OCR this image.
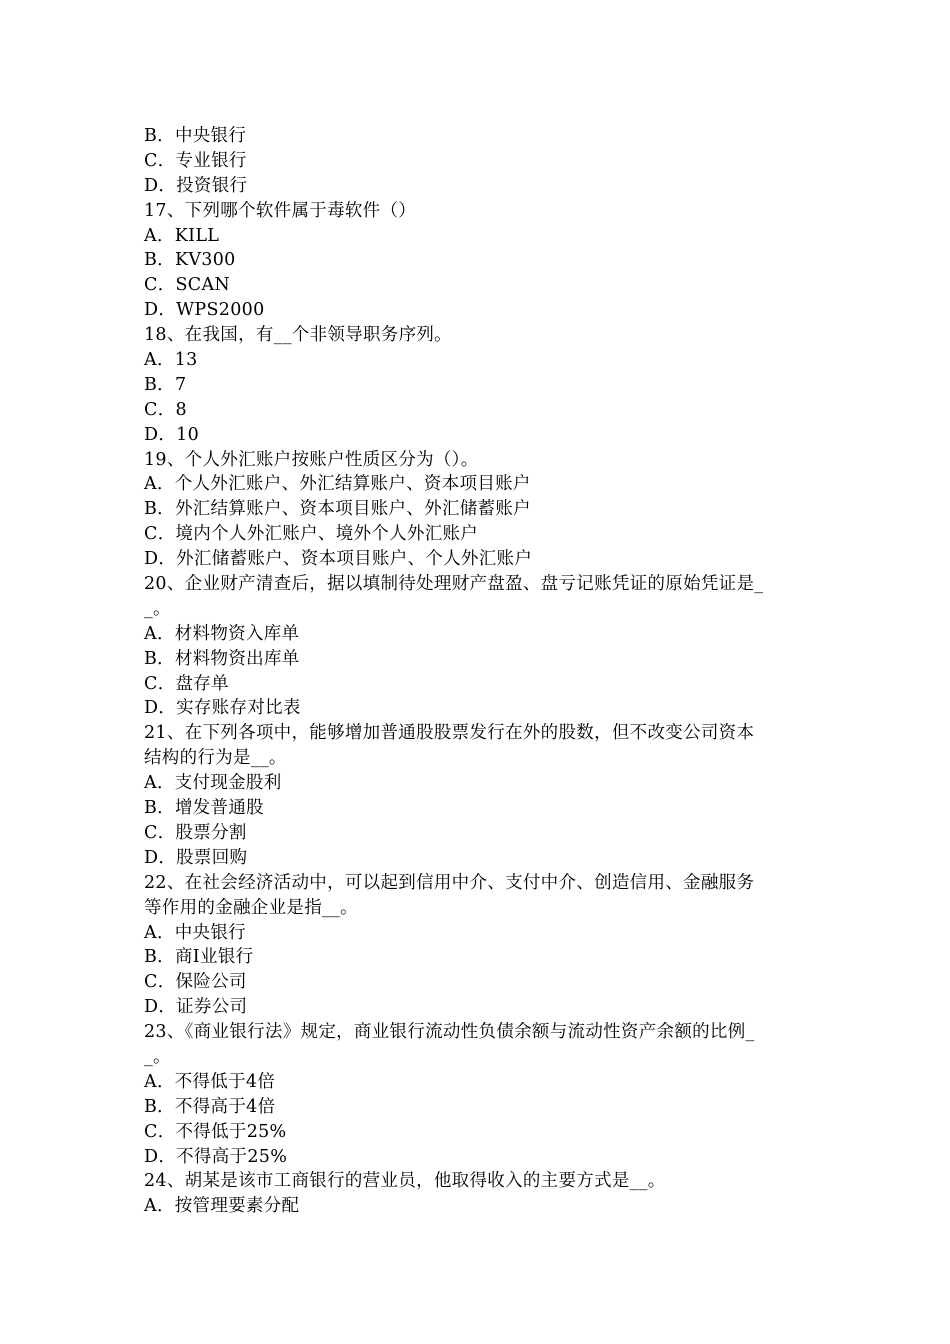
B．中央银行
C．专业银行
D．投资银行
17、下列哪个软件属于毒软件（）
A．KILL
B．KV300
C．SCAN
D．WPS2000
18、在我国，有__个非领导职务序列。
A．13
B．7
C．8
D．10
19、个人外汇账户按账户性质区分为（）。
A．个人外汇账户、外汇结算账户、资本项目账户
B．外汇结算账户、资本项目账户、外汇储蓄账户
C．境内个人外汇账户、境外个人外汇账户
D．外汇储蓄账户、资本项目账户、个人外汇账户
20、企业财产清查后，据以填制待处理财产盘盈、盘亏记账凭证的原始凭证是_
_。
A．材料物资入库单
B．材料物资出库单
C．盘存单
D．实存账存对比表
21、在下列各项中，能够增加普通股股票发行在外的股数，但不改变公司资本
结构的行为是__。
A．支付现金股利
B．增发普通股
C．股票分割
D．股票回购
22、在社会经济活动中，可以起到信用中介、支付中介、创造信用、金融服务
等作用的金融企业是指__。
A．中央银行
B．商I业银行
C．保险公司
D．证券公司
23、《商业银行法》规定，商业银行流动性负债余额与流动性资产余额的比例_
_。
A．不得低于4倍
B．不得高于4倍
C．不得低于25%
D．不得高于25%
24、胡某是该市工商银行的营业员，他取得收入的主要方式是__。
A．按管理要素分配
